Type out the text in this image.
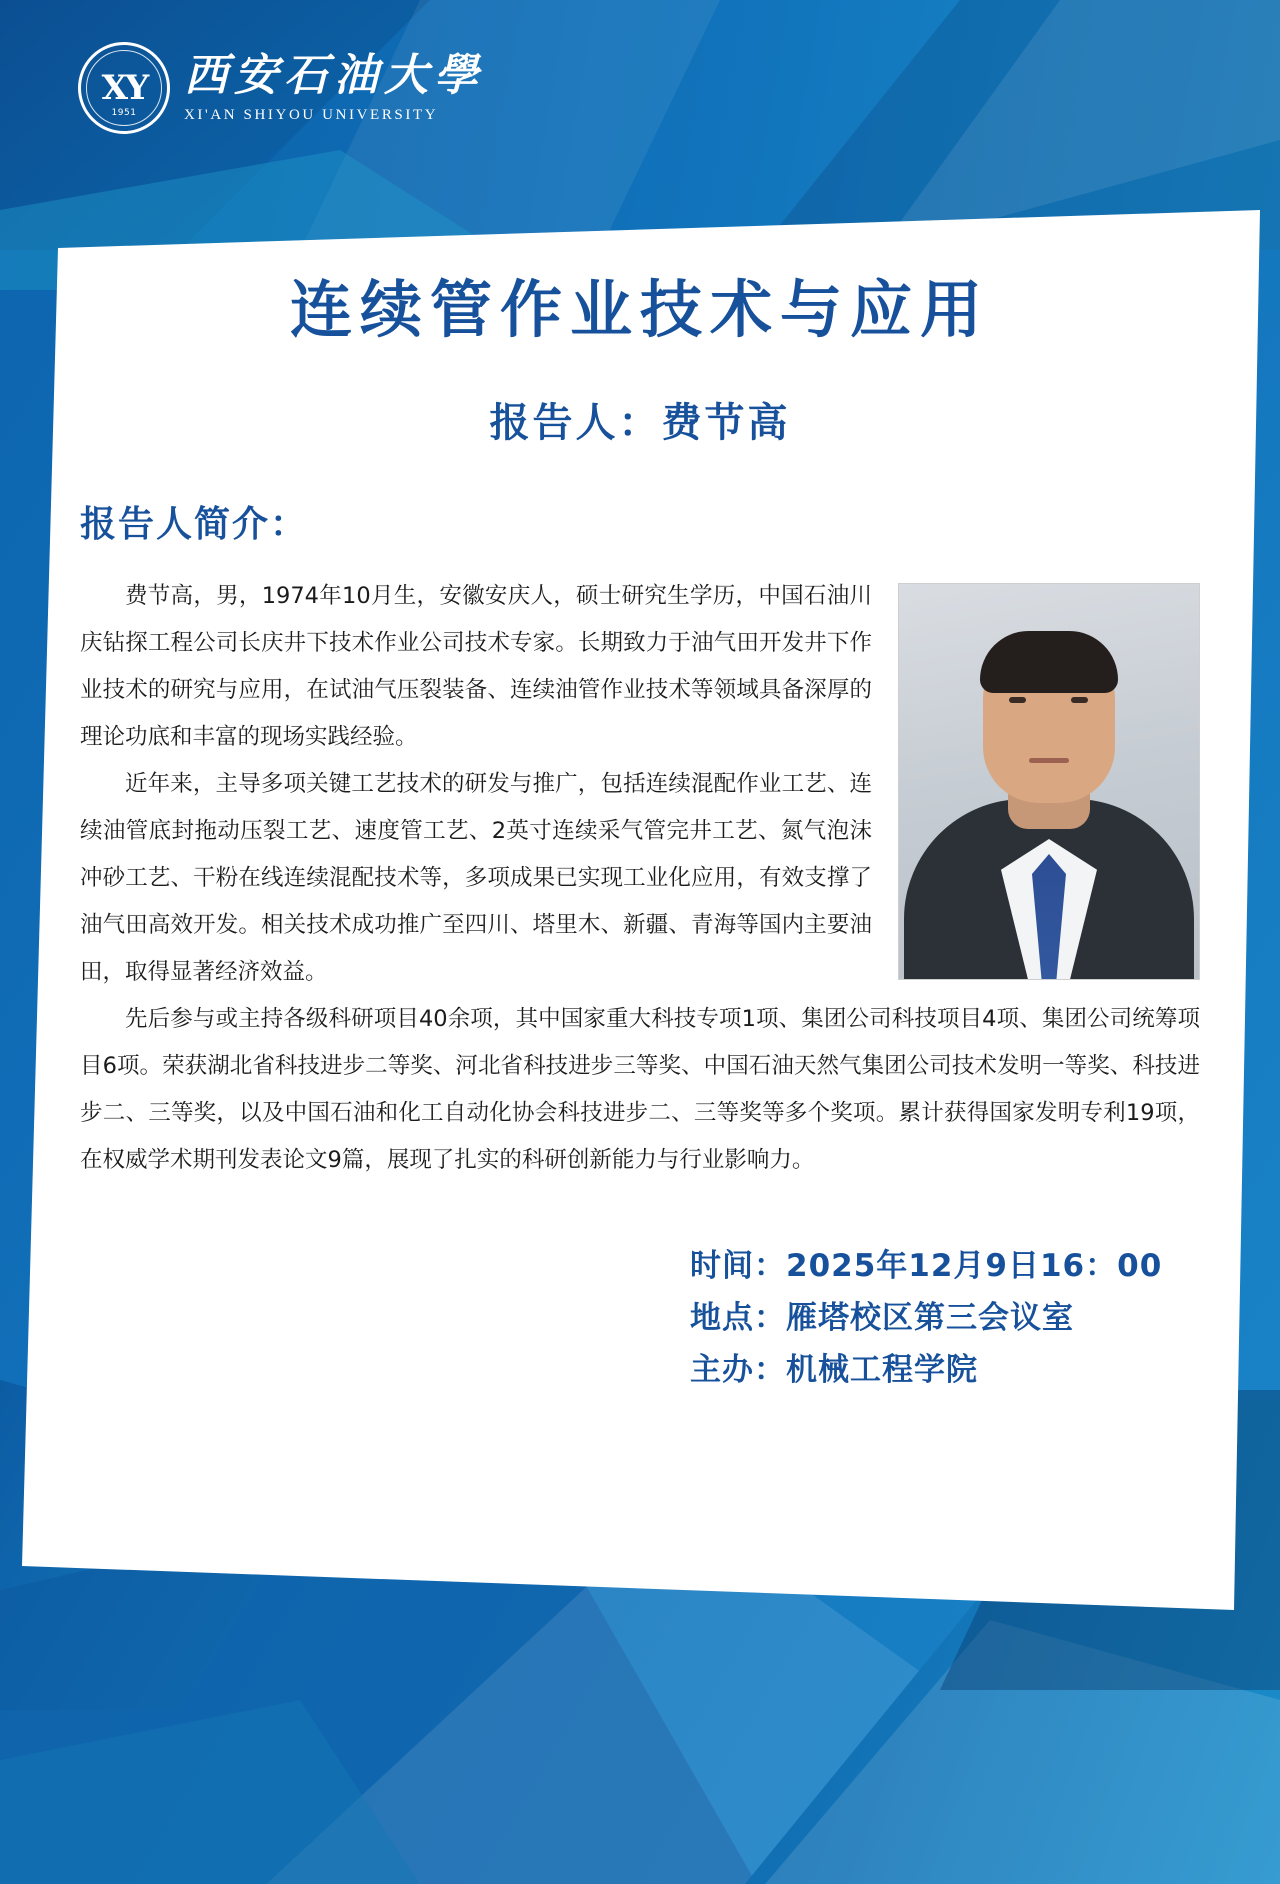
XY
1951
西安石油大學
XI'AN SHIYOU UNIVERSITY
连续管作业技术与应用
报告人：费节高
报告人简介：

费节高，男，1974年10月生，安徽安庆人，硕士研究生学历，中国石油川庆钻探工程公司长庆井下技术作业公司技术专家。长期致力于油气田开发井下作业技术的研究与应用，在试油气压裂装备、连续油管作业技术等领域具备深厚的理论功底和丰富的现场实践经验。

近年来，主导多项关键工艺技术的研发与推广，包括连续混配作业工艺、连续油管底封拖动压裂工艺、速度管工艺、2英寸连续采气管完井工艺、氮气泡沫冲砂工艺、干粉在线连续混配技术等，多项成果已实现工业化应用，有效支撑了油气田高效开发。相关技术成功推广至四川、塔里木、新疆、青海等国内主要油田，取得显著经济效益。

先后参与或主持各级科研项目40余项，其中国家重大科技专项1项、集团公司科技项目4项、集团公司统筹项目6项。荣获湖北省科技进步二等奖、河北省科技进步三等奖、中国石油天然气集团公司技术发明一等奖、科技进步二、三等奖，以及中国石油和化工自动化协会科技进步二、三等奖等多个奖项。累计获得国家发明专利19项，在权威学术期刊发表论文9篇，展现了扎实的科研创新能力与行业影响力。

时间：2025年12月9日16：00
地点：雁塔校区第三会议室
主办：机械工程学院
